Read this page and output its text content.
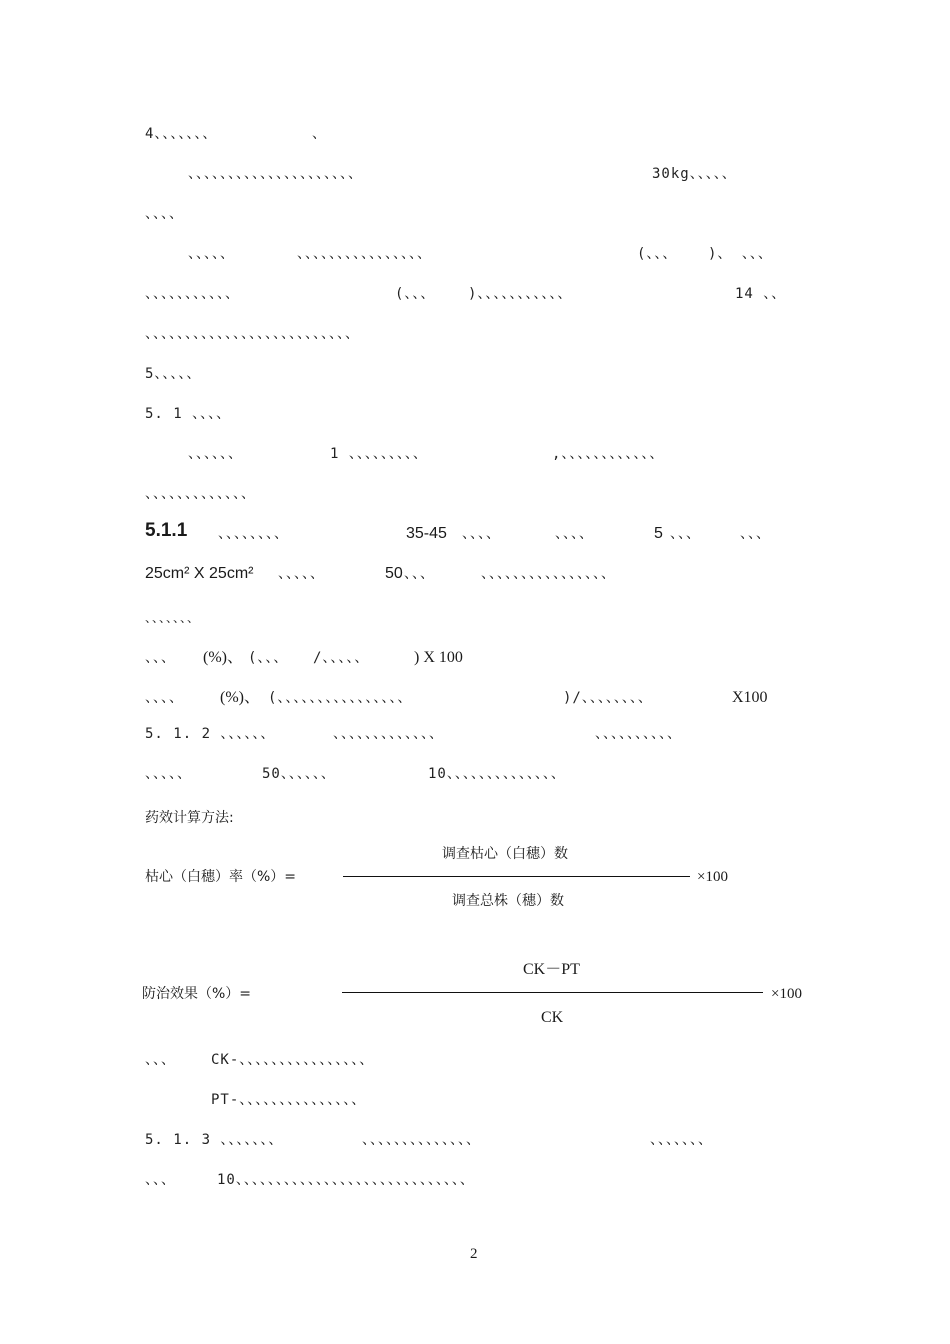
4、、、、、、、	、
、、、、、、、、、、、、、、、、、、、、、	30kg、、、、、
、、、、
、、、、、	、、、、、、、、、、、、、、、、	(、、、 )、 、、、
、、、、、、、、、、、	(、、、 )、、、、、、、、、、、	14 、、
、、、、、、、、、、、、、、、、、、、、、、、、、、
5、、、、、
5. 1 、、、、
、、、、、、	1 、、、、、、、、、	,、、、、、、、、、、、、
、、、、、、、、、、、、、
5.1.1 、、、、、、、、	35-45 、、、、	、、、、	5 、、、	、、、
25cm² X 25cm² 、、、、、	50 、、、	、、、、、、、、、、、、、、、、
、、、、、、、
、、、 (%)、 (、、、 /、、、、、	) X 100
、、、、 (%)、 (、、、、、、、、、、、、、、、、	)/、、、、、、、、	X100
5. 1. 2 、、、、、、	、、、、、、、、、、、、、	、、、、、、、、、、
、、、、、	50、、、、、、	10、、、、、、、、、、、、、、
药效计算方法:
枯心（白穗）率（%）=
调查枯心（白穗）数
调查总株（穗）数
×100
防治效果（%）=
CK－PT
CK
×100
、、、	CK-、、、、、、、、、、、、、、、、
PT-、、、、、、、、、、、、、、、
5. 1. 3 、、、、、、、	、、、、、、、、、、、、、、	、、、、、、、
、、、	10、、、、、、、、、、、、、、、、、、、、、、、、、、、、、
2
